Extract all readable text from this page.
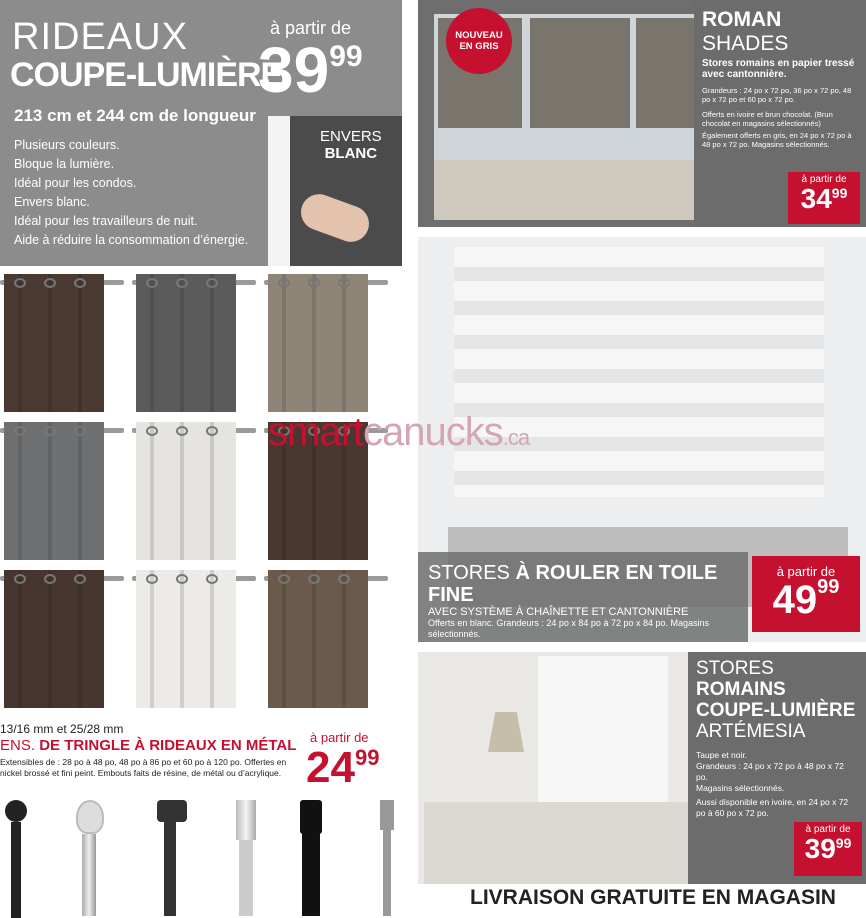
RIDEAUX
COUPE-LUMIÈRE
à partir de
$39^{99}$
213 cm et 244 cm de longueur
Plusieurs couleurs.
Bloque la lumière.
Idéal pour les condos.
Envers blanc.
Idéal pour les travailleurs de nuit.
Aide à réduire la consommation d’énergie.
ENVERS
BLANC
13/16 mm et 25/28 mm
ENS. DE TRINGLE À RIDEAUX EN MÉTAL
Extensibles de : 28 po à 48 po, 48 po à 86 po et 60 po à 120 po. Offertes en nickel brossé et fini peint. Embouts faits de résine, de métal ou d’acrylique.
à partir de
$24^{99}$
NOUVEAU
EN GRIS
ROMAN SHADES
Stores romains en papier tressé avec cantonnière.
Grandeurs : 24 po x 72 po, 36 po x 72 po, 48 po x 72 po et 60 po x 72 po.
Offerts en ivoire et brun chocolat. (Brun chocolat en magasins sélectionnés)
Également offerts en gris, en 24 po x 72 po à 48 po x 72 po. Magasins sélectionnés.
à partir de
$34^{99}$
STORES À ROULER EN TOILE FINE
AVEC SYSTÈME À CHAÎNETTE ET CANTONNIÈRE
Offerts en blanc. Grandeurs : 24 po x 84 po à 72 po x 84 po. Magasins sélectionnés.
à partir de
$49^{99}$
STORES ROMAINS
COUPE-LUMIÈRE
ARTÉMESIA
Taupe et noir.
Grandeurs : 24 po x 72 po à 48 po x 72 po.
Magasins sélectionnés.
Aussi disponible en ivoire, en 24 po x 72 po à 60 po x 72 po.
à partir de
$39^{99}$
LIVRAISON GRATUITE EN MAGASIN
smartcanucks.ca
